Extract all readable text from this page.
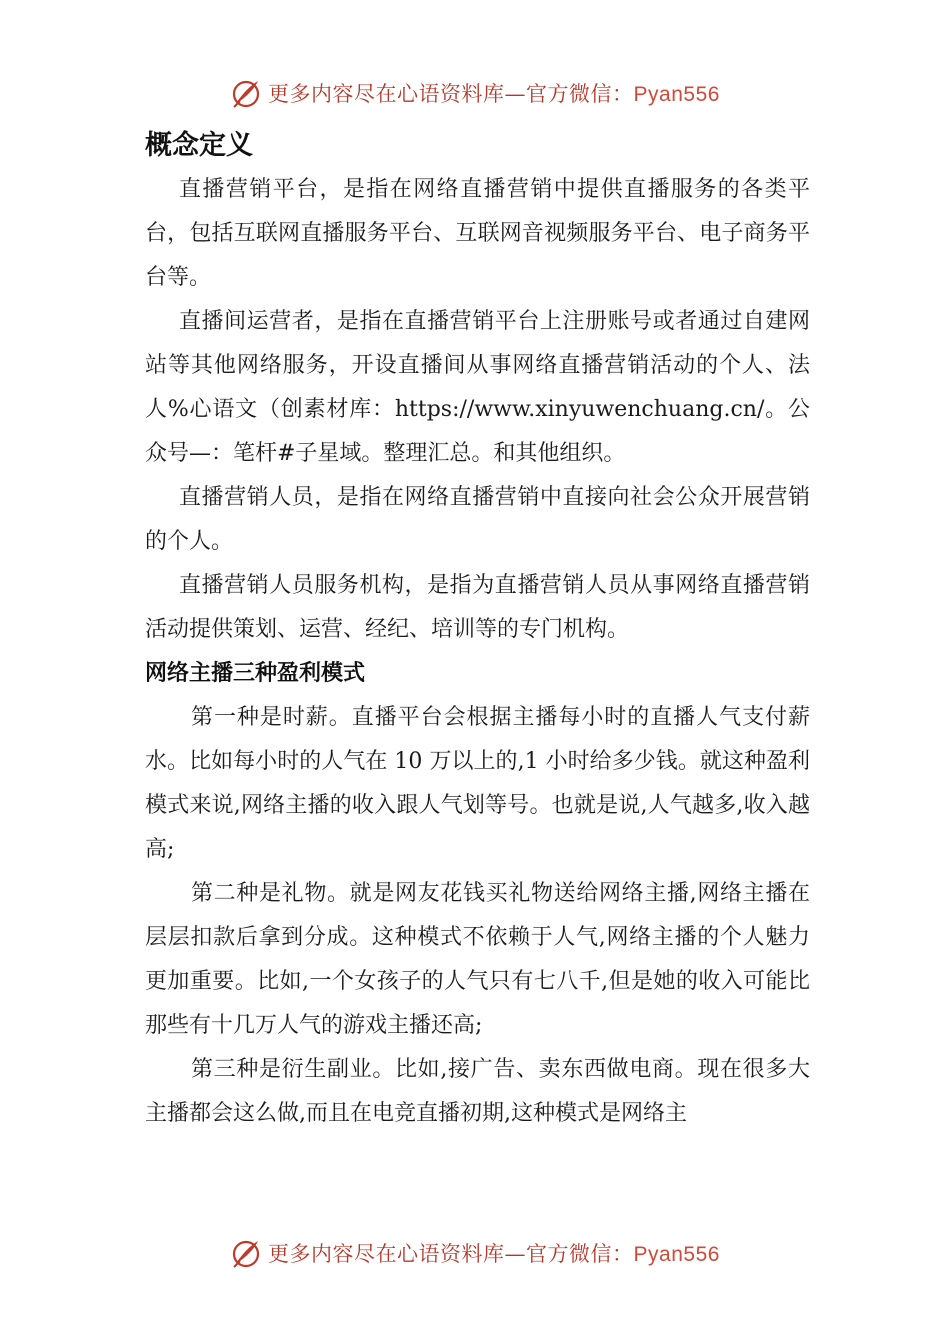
更多内容尽在心语资料库—官方微信：Pyan556
概念定义

直播营销平台，是指在网络直播营销中提供直播服务的各类平台，包括互联网直播服务平台、互联网音视频服务平台、电子商务平台等。

直播间运营者，是指在直播营销平台上注册账号或者通过自建网站等其他网络服务，开设直播间从事网络直播营销活动的个人、法人%心语文（创素材库：https://www.xinyuwenchuang.cn/。公众号—：笔杆#子星域。整理汇总。和其他组织。

直播营销人员，是指在网络直播营销中直接向社会公众开展营销的个人。

直播营销人员服务机构，是指为直播营销人员从事网络直播营销活动提供策划、运营、经纪、培训等的专门机构。

网络主播三种盈利模式

第一种是时薪。直播平台会根据主播每小时的直播人气支付薪水。比如每小时的人气在 10 万以上的,1 小时给多少钱。就这种盈利模式来说,网络主播的收入跟人气划等号。也就是说,人气越多,收入越高;

第二种是礼物。就是网友花钱买礼物送给网络主播,网络主播在层层扣款后拿到分成。这种模式不依赖于人气,网络主播的个人魅力更加重要。比如,一个女孩子的人气只有七八千,但是她的收入可能比那些有十几万人气的游戏主播还高;

第三种是衍生副业。比如,接广告、卖东西做电商。现在很多大主播都会这么做,而且在电竞直播初期,这种模式是网络主

更多内容尽在心语资料库—官方微信：Pyan556
